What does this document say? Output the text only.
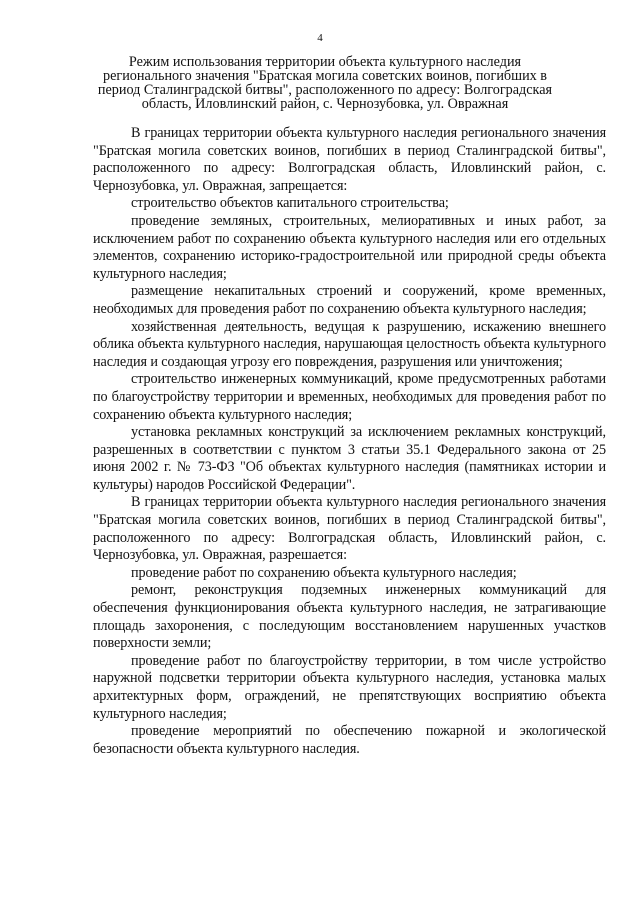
4
Режим использования территории объекта культурного наследия регионального значения "Братская могила советских воинов, погибших в период Сталинградской битвы", расположенного по адресу: Волгоградская область, Иловлинский район, с. Чернозубовка, ул. Овражная

В границах территории объекта культурного наследия регионального значения "Братская могила советских воинов, погибших в период Сталинградской битвы", расположенного по адресу: Волгоградская область, Иловлинский район, с. Чернозубовка, ул. Овражная, запрещается:

строительство объектов капитального строительства;

проведение земляных, строительных, мелиоративных и иных работ, за исключением работ по сохранению объекта культурного наследия или его отдельных элементов, сохранению историко-градостроительной или природной среды объекта культурного наследия;

размещение некапитальных строений и сооружений, кроме временных, необходимых для проведения работ по сохранению объекта культурного наследия;

хозяйственная деятельность, ведущая к разрушению, искажению внешнего облика объекта культурного наследия, нарушающая целостность объекта культурного наследия и создающая угрозу его повреждения, разрушения или уничтожения;

строительство инженерных коммуникаций, кроме предусмотренных работами по благоустройству территории и временных, необходимых для проведения работ по сохранению объекта культурного наследия;

установка рекламных конструкций за исключением рекламных конструкций, разрешенных в соответствии с пунктом 3 статьи 35.1 Федерального закона от 25 июня 2002 г. № 73-ФЗ "Об объектах культурного наследия (памятниках истории и культуры) народов Российской Федерации".

В границах территории объекта культурного наследия регионального значения "Братская могила советских воинов, погибших в период Сталинградской битвы", расположенного по адресу: Волгоградская область, Иловлинский район, с. Чернозубовка, ул. Овражная, разрешается:

проведение работ по сохранению объекта культурного наследия;

ремонт, реконструкция подземных инженерных коммуникаций для обеспечения функционирования объекта культурного наследия, не затрагивающие площадь захоронения, с последующим восстановлением нарушенных участков поверхности земли;

проведение работ по благоустройству территории, в том числе устройство наружной подсветки территории объекта культурного наследия, установка малых архитектурных форм, ограждений, не препятствующих восприятию объекта культурного наследия;

проведение мероприятий по обеспечению пожарной и экологической безопасности объекта культурного наследия.
